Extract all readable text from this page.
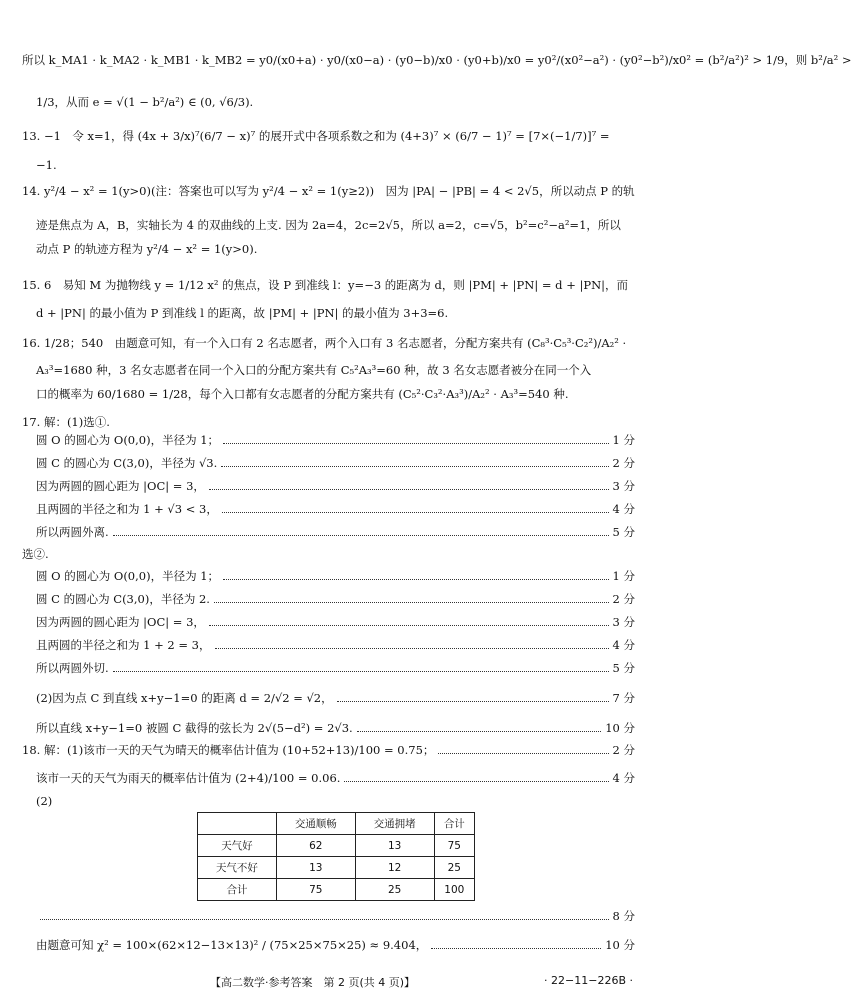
所以 k_MA1 · k_MA2 · k_MB1 · k_MB2 = y0/(x0+a) · y0/(x0−a) · (y0−b)/x0 · (y0+b)/x0 = y0²/(x0²−a²) · (y0²−b²)/x0² = (b²/a²)² > 1/9，则 b²/a² >
1/3，从而 e = √(1 − b²/a²) ∈ (0, √6/3).
13. −1　令 x=1，得 (4x + 3/x)⁷(6/7 − x)⁷ 的展开式中各项系数之和为 (4+3)⁷ × (6/7 − 1)⁷ = [7×(−1/7)]⁷ =
−1.
14. y²/4 − x² = 1(y>0)(注：答案也可以写为 y²/4 − x² = 1(y≥2))　因为 |PA| − |PB| = 4 < 2√5，所以动点 P 的轨
迹是焦点为 A，B，实轴长为 4 的双曲线的上支. 因为 2a=4，2c=2√5，所以 a=2，c=√5，b²=c²−a²=1，所以
动点 P 的轨迹方程为 y²/4 − x² = 1(y>0).
15. 6　易知 M 为抛物线 y = 1/12 x² 的焦点，设 P 到准线 l：y=−3 的距离为 d，则 |PM| + |PN| = d + |PN|，而
d + |PN| 的最小值为 P 到准线 l 的距离，故 |PM| + |PN| 的最小值为 3+3=6.
16. 1/28；540　由题意可知，有一个入口有 2 名志愿者，两个入口有 3 名志愿者，分配方案共有 (C₈³·C₅³·C₂²)/A₂² ·
A₃³=1680 种，3 名女志愿者在同一个入口的分配方案共有 C₅²A₃³=60 种，故 3 名女志愿者被分在同一个入
口的概率为 60/1680 = 1/28，每个入口都有女志愿者的分配方案共有 (C₅²·C₃²·A₃³)/A₂² · A₃³=540 种.
17. 解：(1)选①.
圆 O 的圆心为 O(0,0)，半径为 1；	1 分
圆 C 的圆心为 C(3,0)，半径为 √3.	2 分
因为两圆的圆心距为 |OC| = 3，	3 分
且两圆的半径之和为 1 + √3 < 3，	4 分
所以两圆外离.	5 分
选②.
圆 O 的圆心为 O(0,0)，半径为 1；	1 分
圆 C 的圆心为 C(3,0)，半径为 2.	2 分
因为两圆的圆心距为 |OC| = 3，	3 分
且两圆的半径之和为 1 + 2 = 3，	4 分
所以两圆外切.	5 分
(2)因为点 C 到直线 x+y−1=0 的距离 d = 2/√2 = √2，	7 分
所以直线 x+y−1=0 被圆 C 截得的弦长为 2√(5−d²) = 2√3.	10 分
18. 解：(1)该市一天的天气为晴天的概率估计值为 (10+52+13)/100 = 0.75；	2 分
该市一天的天气为雨天的概率估计值为 (2+4)/100 = 0.06.	4 分
(2)
	交通顺畅	交通拥堵	合计
天气好	62	13	75
天气不好	13	12	25
合计	75	25	100
8 分
由题意可知 χ² = 100×(62×12−13×13)² / (75×25×75×25) ≈ 9.404，	10 分
【高二数学·参考答案　第 2 页(共 4 页)】	· 22−11−226B ·
